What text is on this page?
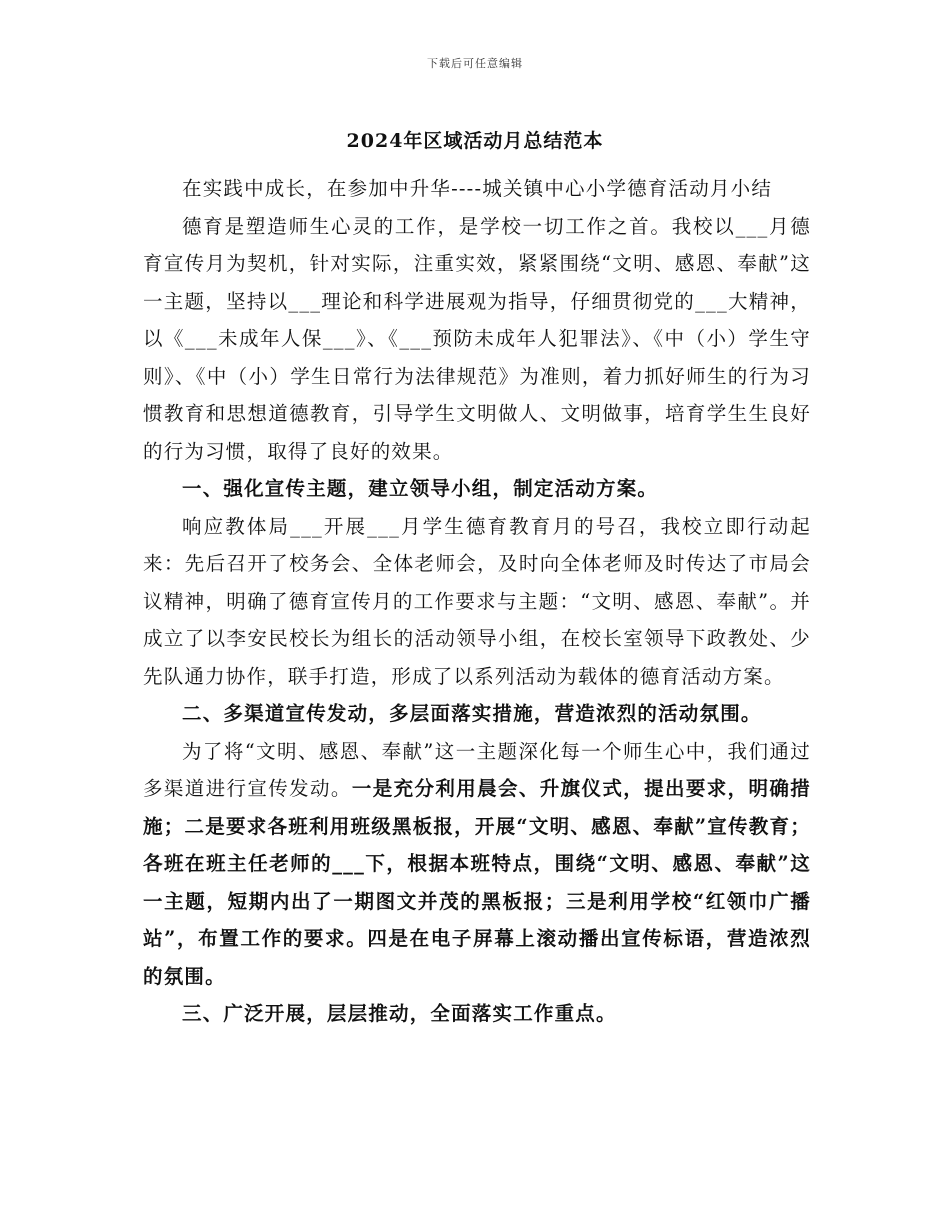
下载后可任意编辑
2024年区域活动月总结范本

在实践中成长，在参加中升华----城关镇中心小学德育活动月小结

德育是塑造师生心灵的工作，是学校一切工作之首。我校以___月德育宣传月为契机，针对实际，注重实效，紧紧围绕“文明、感恩、奉献”这一主题，坚持以___理论和科学进展观为指导，仔细贯彻党的___大精神，以《___未成年人保___》、《___预防未成年人犯罪法》、《中（小）学生守则》、《中（小）学生日常行为法律规范》为准则，着力抓好师生的行为习惯教育和思想道德教育，引导学生文明做人、文明做事，培育学生生良好的行为习惯，取得了良好的效果。

一、强化宣传主题，建立领导小组，制定活动方案。

响应教体局___开展___月学生德育教育月的号召，我校立即行动起来：先后召开了校务会、全体老师会，及时向全体老师及时传达了市局会议精神，明确了德育宣传月的工作要求与主题：“文明、感恩、奉献”。并成立了以李安民校长为组长的活动领导小组，在校长室领导下政教处、少先队通力协作，联手打造，形成了以系列活动为载体的德育活动方案。

二、多渠道宣传发动，多层面落实措施，营造浓烈的活动氛围。

为了将“文明、感恩、奉献”这一主题深化每一个师生心中，我们通过多渠道进行宣传发动。一是充分利用晨会、升旗仪式，提出要求，明确措施；二是要求各班利用班级黑板报，开展“文明、感恩、奉献”宣传教育；各班在班主任老师的___下，根据本班特点，围绕“文明、感恩、奉献”这一主题，短期内出了一期图文并茂的黑板报；三是利用学校“红领巾广播站”，布置工作的要求。四是在电子屏幕上滚动播出宣传标语，营造浓烈的氛围。

三、广泛开展，层层推动，全面落实工作重点。
